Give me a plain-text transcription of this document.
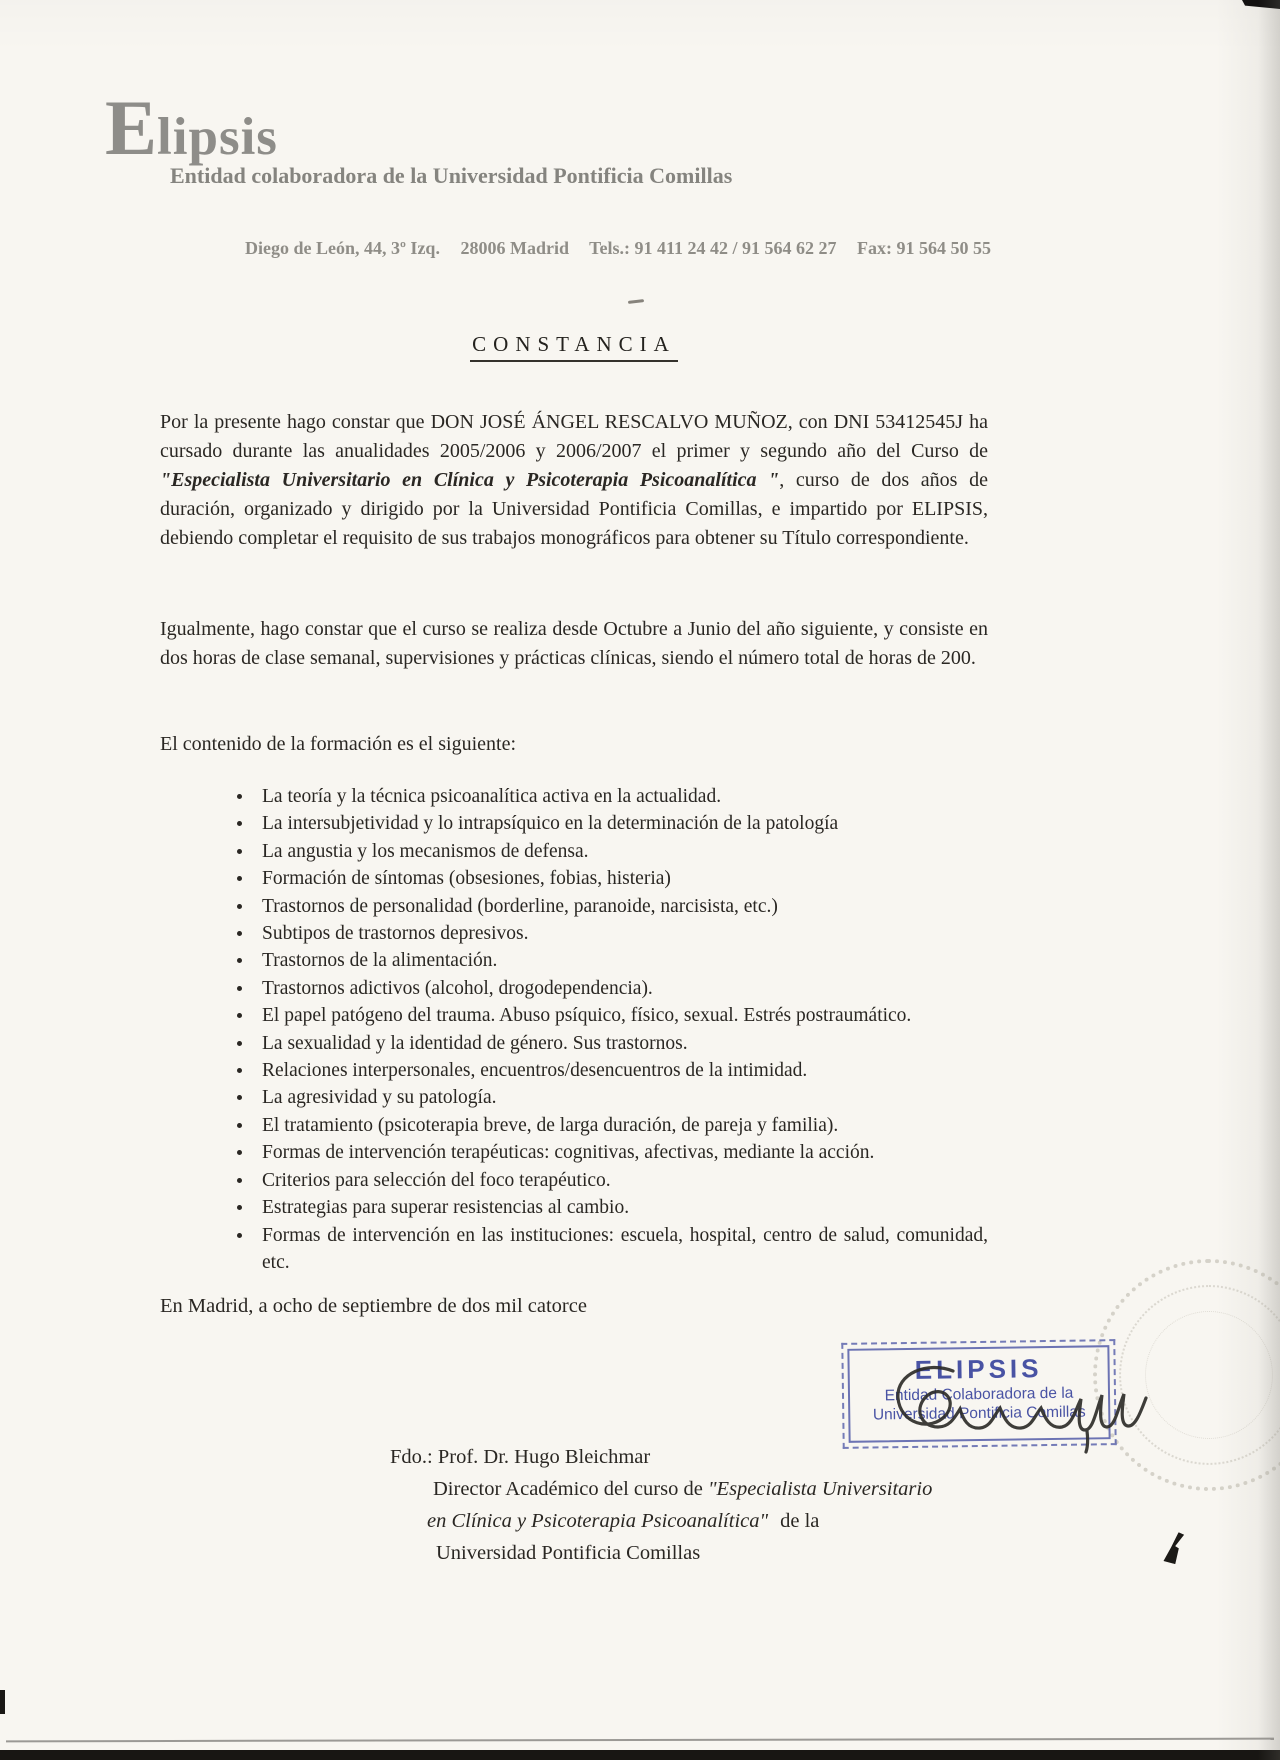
Elipsis
Entidad colaboradora de la Universidad Pontificia Comillas
Diego de León, 44, 3º Izq. 28006 Madrid Tels.: 91 411 24 42 / 91 564 62 27 Fax: 91 564 50 55
CONSTANCIA

Por la presente hago constar que DON JOSÉ ÁNGEL RESCALVO MUÑOZ, con DNI 53412545J ha cursado durante las anualidades 2005/2006 y 2006/2007 el primer y segundo año del Curso de "Especialista Universitario en Clínica y Psicoterapia Psicoanalítica ", curso de dos años de duración, organizado y dirigido por la Universidad Pontificia Comillas, e impartido por ELIPSIS, debiendo completar el requisito de sus trabajos monográficos para obtener su Título correspondiente.

Igualmente, hago constar que el curso se realiza desde Octubre a Junio del año siguiente, y consiste en dos horas de clase semanal, supervisiones y prácticas clínicas, siendo el número total de horas de 200.

El contenido de la formación es el siguiente:

La teoría y la técnica psicoanalítica activa en la actualidad.
La intersubjetividad y lo intrapsíquico en la determinación de la patología
La angustia y los mecanismos de defensa.
Formación de síntomas (obsesiones, fobias, histeria)
Trastornos de personalidad (borderline, paranoide, narcisista, etc.)
Subtipos de trastornos depresivos.
Trastornos de la alimentación.
Trastornos adictivos (alcohol, drogodependencia).
El papel patógeno del trauma. Abuso psíquico, físico, sexual. Estrés postraumático.
La sexualidad y la identidad de género. Sus trastornos.
Relaciones interpersonales, encuentros/desencuentros de la intimidad.
La agresividad y su patología.
El tratamiento (psicoterapia breve, de larga duración, de pareja y familia).
Formas de intervención terapéuticas: cognitivas, afectivas, mediante la acción.
Criterios para selección del foco terapéutico.
Estrategias para superar resistencias al cambio.
Formas de intervención en las instituciones: escuela, hospital, centro de salud, comunidad, etc.

En Madrid, a ocho de septiembre de dos mil catorce

ELIPSIS
Entidad Colaboradora de la
Universidad Pontificia Comillas
Fdo.: Prof. Dr. Hugo Bleichmar
Director Académico del curso de "Especialista Universitario
en Clínica y Psicoterapia Psicoanalítica" de la
Universidad Pontificia Comillas
